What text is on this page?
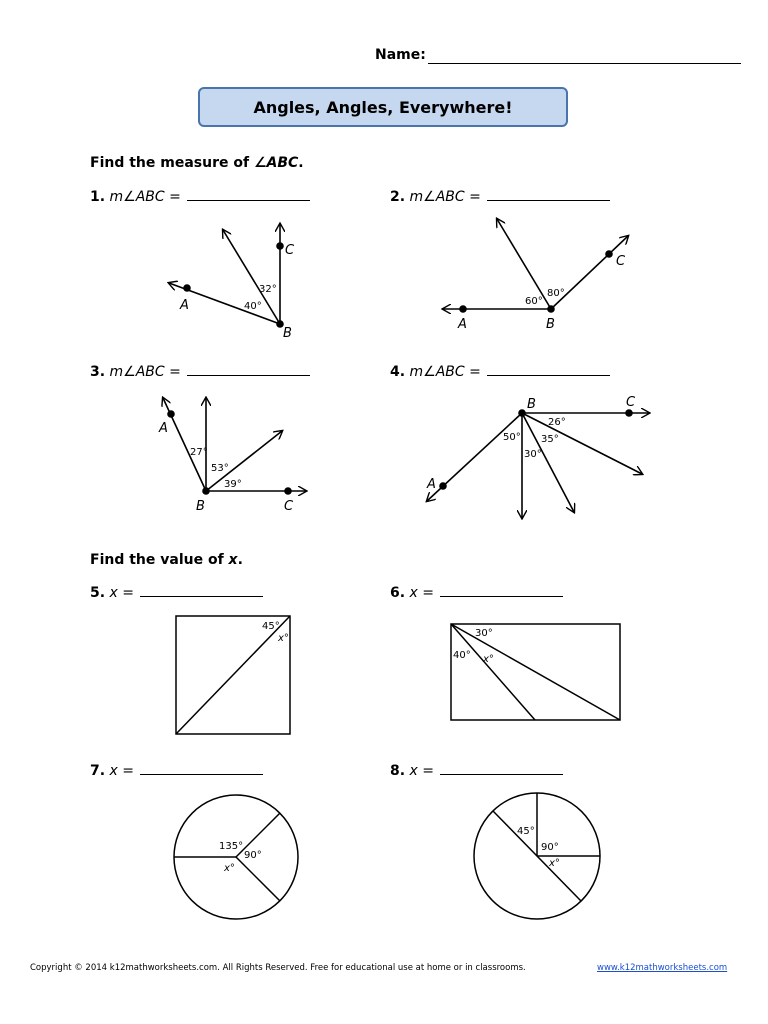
Name:
Angles, Angles, Everywhere!
Find the measure of ∠ABC.
1. m∠ABC =	2. m∠ABC =
3. m∠ABC =	4. m∠ABC =
Find the value of x.
5. x =	6. x =
7. x =	8. x =
C
A
B
32°
40°
A	B
C
60°
80°
A
B	C
27°
53°
39°
B	C
A
26°
35°
50°
30°
45°
x°	30°
40° x°
135°
90°
x°
45°
90°
x°
Copyright © 2014 k12mathworksheets.com. All Rights Reserved. Free for educational use at home or in classrooms.	www.k12mathworksheets.com
